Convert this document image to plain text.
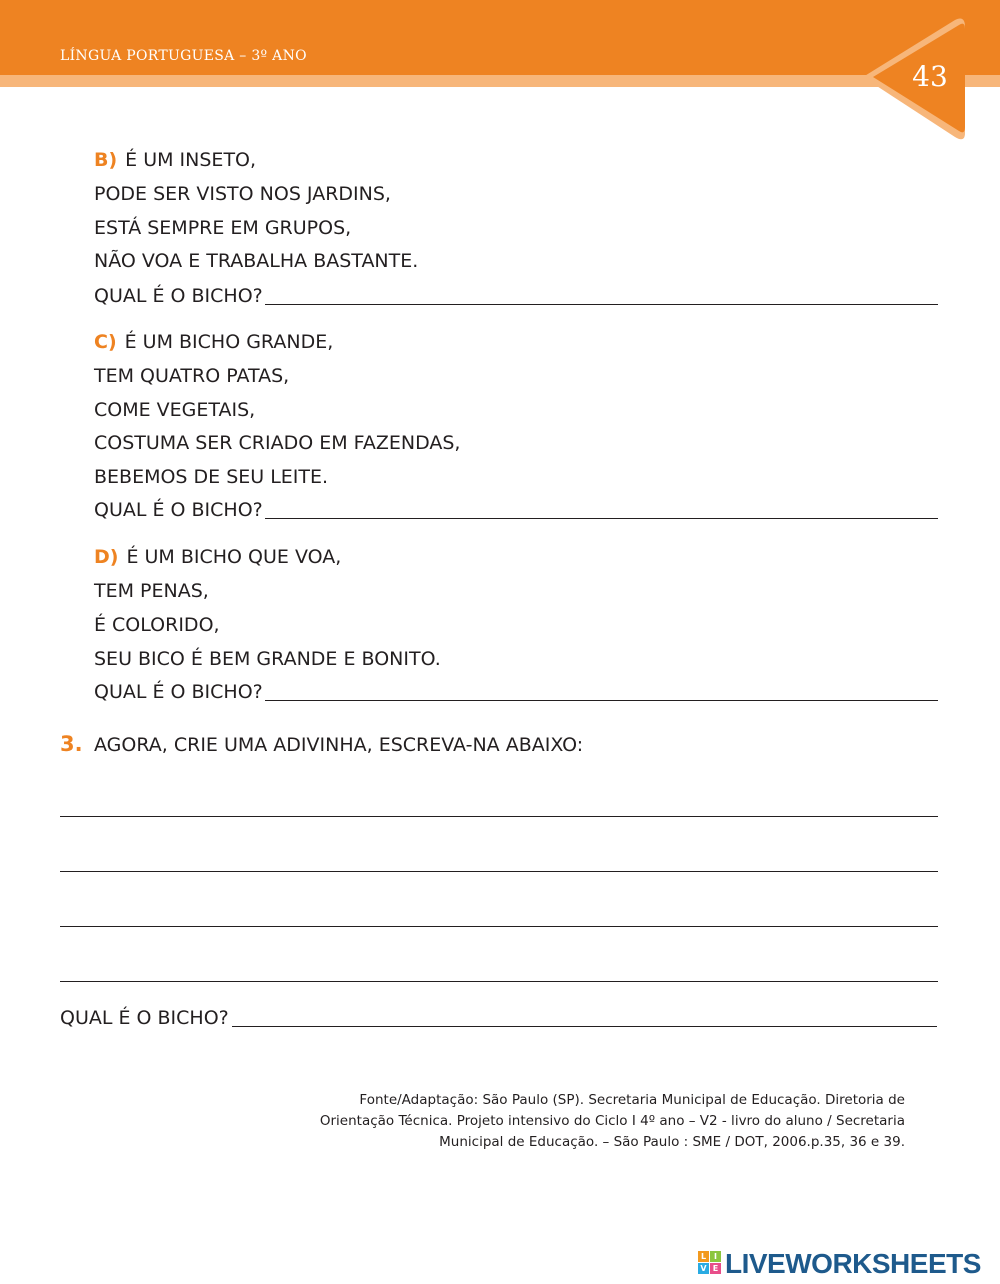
LÍNGUA PORTUGUESA – 3º ANO
43
B) É UM INSETO,
PODE SER VISTO NOS JARDINS,
ESTÁ SEMPRE EM GRUPOS,
NÃO VOA E TRABALHA BASTANTE.
QUAL É O BICHO?
C) É UM BICHO GRANDE,
TEM QUATRO PATAS,
COME VEGETAIS,
COSTUMA SER CRIADO EM FAZENDAS,
BEBEMOS DE SEU LEITE.
QUAL É O BICHO?
D) É UM BICHO QUE VOA,
TEM PENAS,
É COLORIDO,
SEU BICO É BEM GRANDE E BONITO.
QUAL É O BICHO?
3. AGORA, CRIE UMA ADIVINHA, ESCREVA-NA ABAIXO:
QUAL É O BICHO?
Fonte/Adaptação: São Paulo (SP). Secretaria Municipal de Educação. Diretoria de
Orientação Técnica. Projeto intensivo do Ciclo I 4º ano – V2 - livro do aluno / Secretaria
Municipal de Educação. – São Paulo : SME / DOT, 2006.p.35, 36 e 39.
L I
V E LIVEWORKSHEETS
